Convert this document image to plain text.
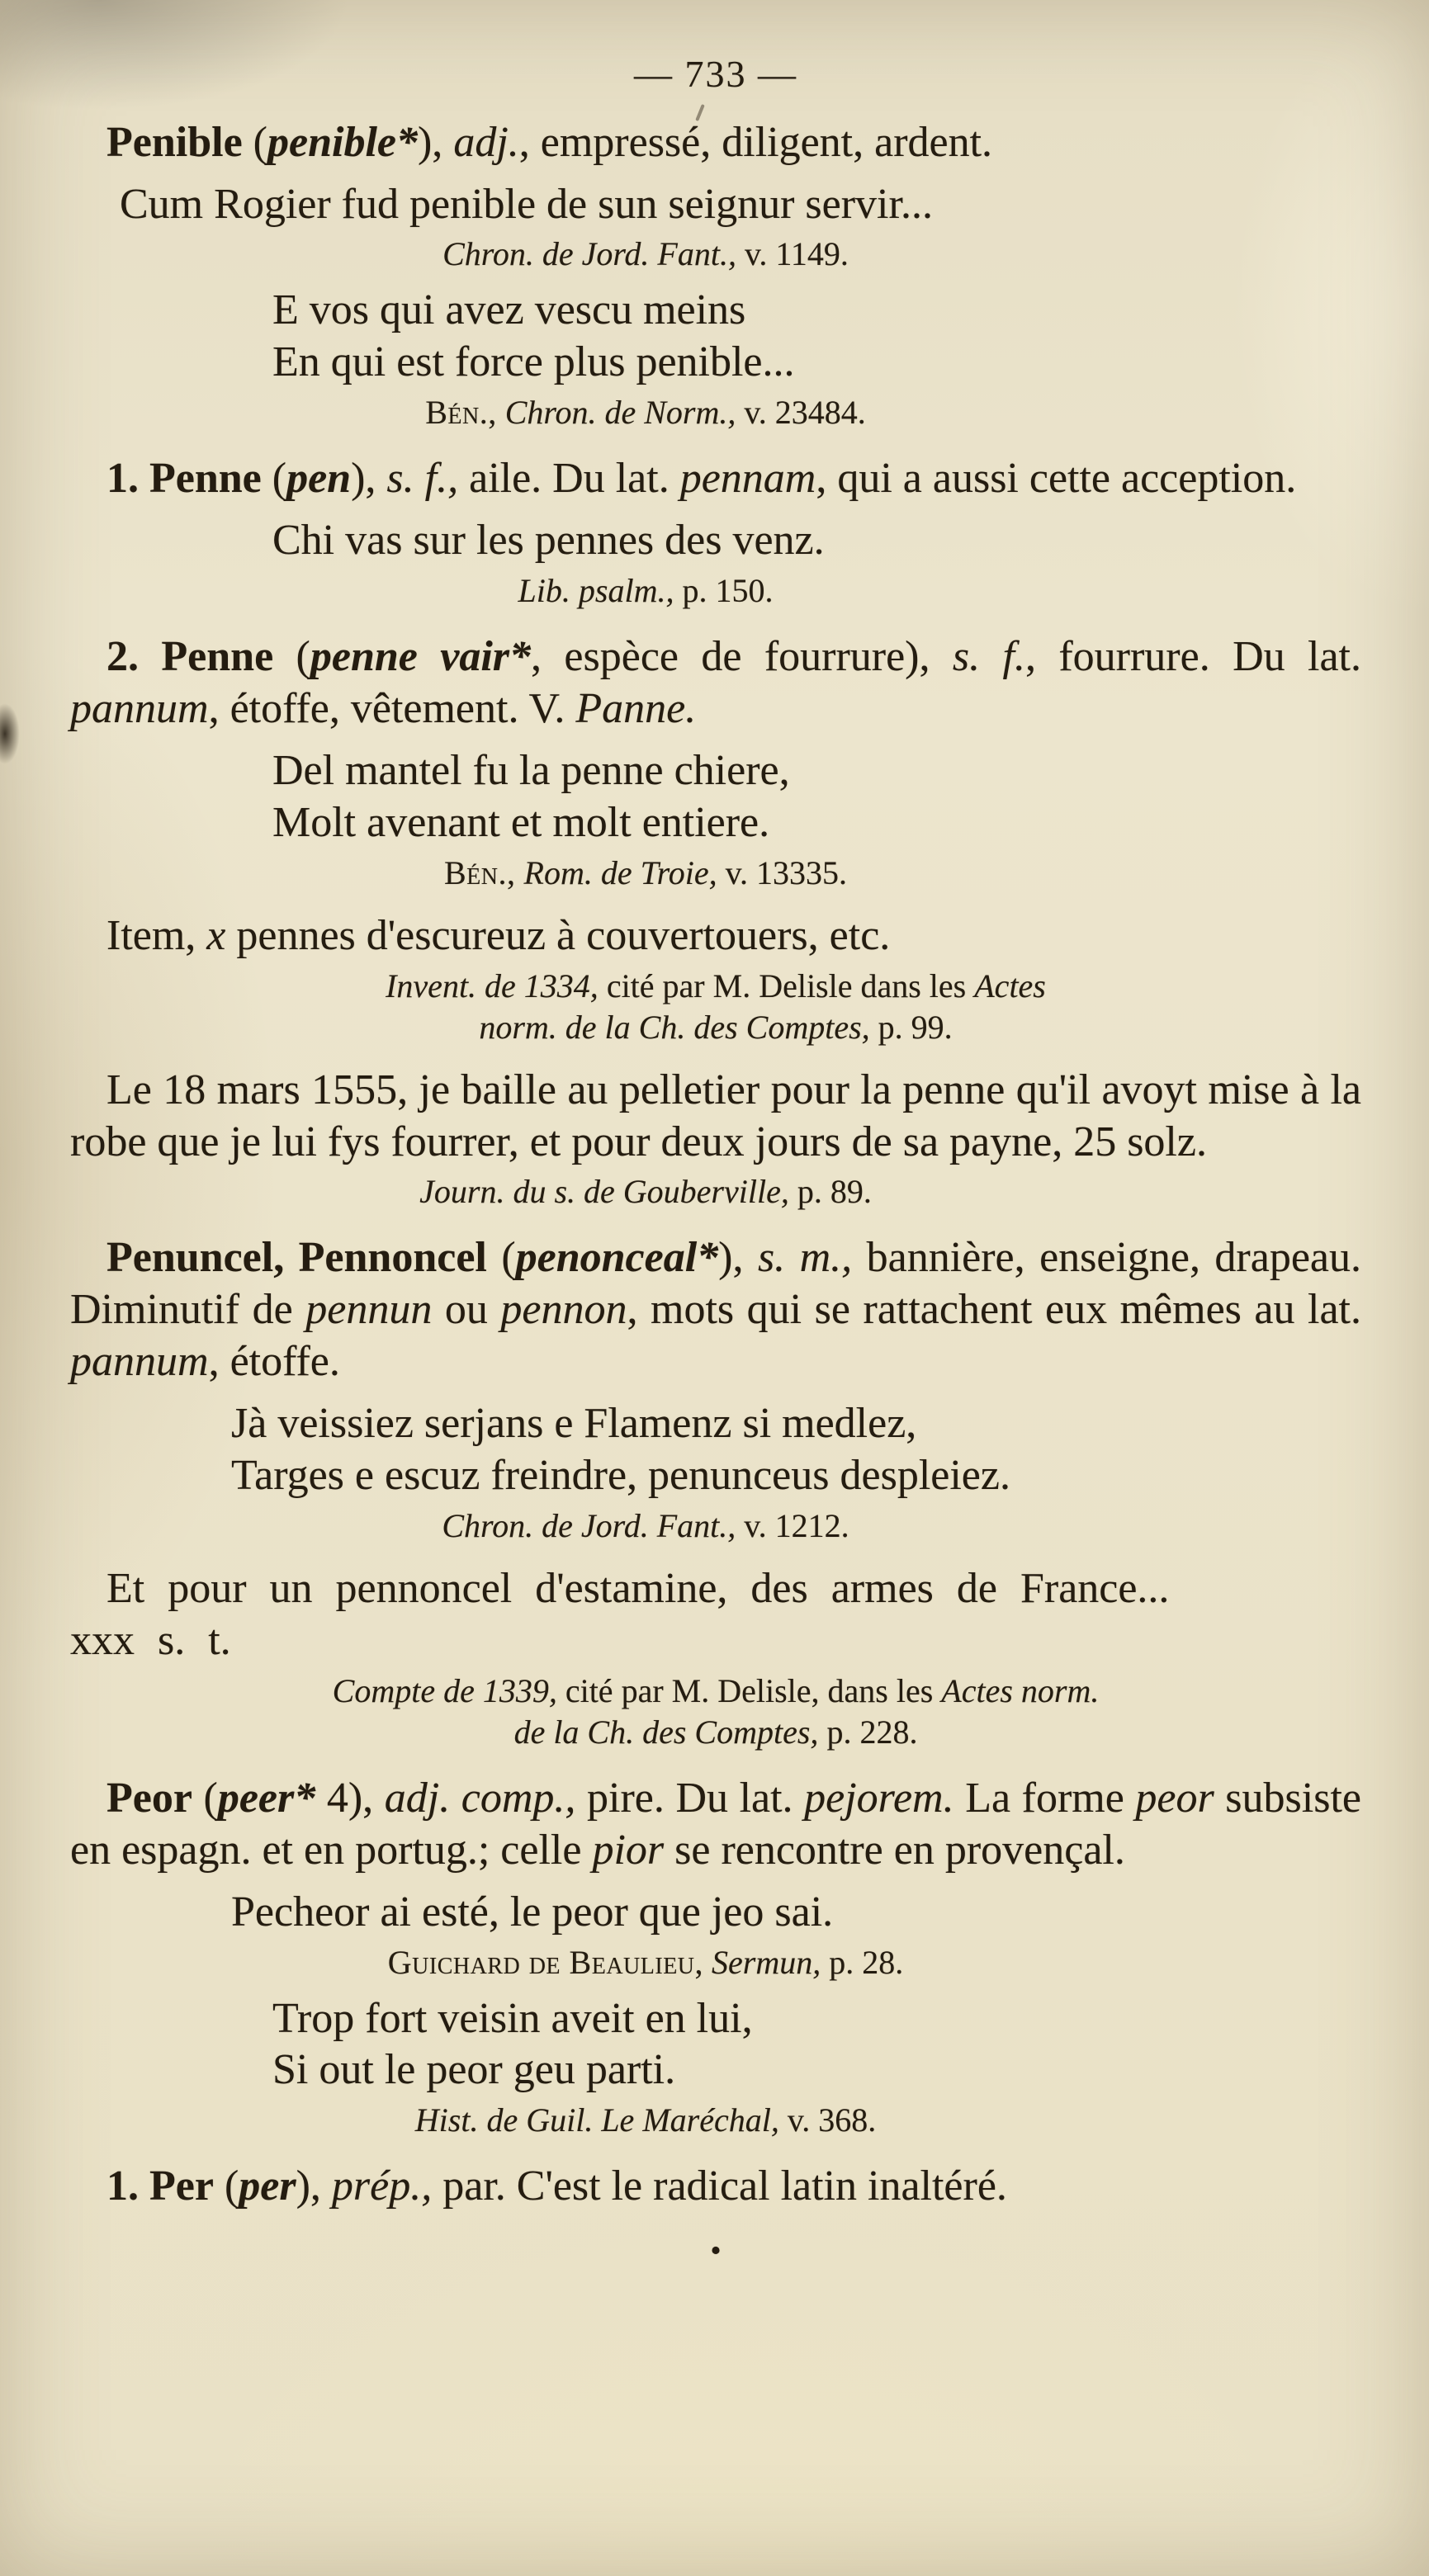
— 733 —

Penible (penible*), adj., empressé, diligent, ardent.

Cum Rogier fud penible de sun seignur servir...

Chron. de Jord. Fant., v. 1149.

E vos qui avez vescu meins
En qui est force plus penible...

Bén., Chron. de Norm., v. 23484.

1. Penne (pen), s. f., aile. Du lat. pennam, qui a aussi cette acception.

Chi vas sur les pennes des venz.

Lib. psalm., p. 150.

2. Penne (penne vair*, espèce de fourrure), s. f., fourrure. Du lat. pannum, étoffe, vêtement. V. Panne.

Del mantel fu la penne chiere,
Molt avenant et molt entiere.

Bén., Rom. de Troie, v. 13335.

Item, x pennes d'escureuz à couvertouers, etc.

Invent. de 1334, cité par M. Delisle dans les Actes
norm. de la Ch. des Comptes, p. 99.

Le 18 mars 1555, je baille au pelletier pour la penne qu'il avoyt mise à la robe que je lui fys fourrer, et pour deux jours de sa payne, 25 solz.

Journ. du s. de Gouberville, p. 89.

Penuncel, Pennoncel (penonceal*), s. m., bannière, enseigne, drapeau. Diminutif de pennun ou pennon, mots qui se rattachent eux mêmes au lat. pannum, étoffe.

Jà veissiez serjans e Flamenz si medlez,
Targes e escuz freindre, penunceus despleiez.

Chron. de Jord. Fant., v. 1212.

Et pour un pennoncel d'estamine, des armes de France...
xxx s. t.

Compte de 1339, cité par M. Delisle, dans les Actes norm.
de la Ch. des Comptes, p. 228.

Peor (peer* 4), adj. comp., pire. Du lat. pejorem. La forme peor subsiste en espagn. et en portug.; celle pior se rencontre en provençal.

Pecheor ai esté, le peor que jeo sai.

Guichard de Beaulieu, Sermun, p. 28.

Trop fort veisin aveit en lui,
Si out le peor geu parti.

Hist. de Guil. Le Maréchal, v. 368.

1. Per (per), prép., par. C'est le radical latin inaltéré.

•
